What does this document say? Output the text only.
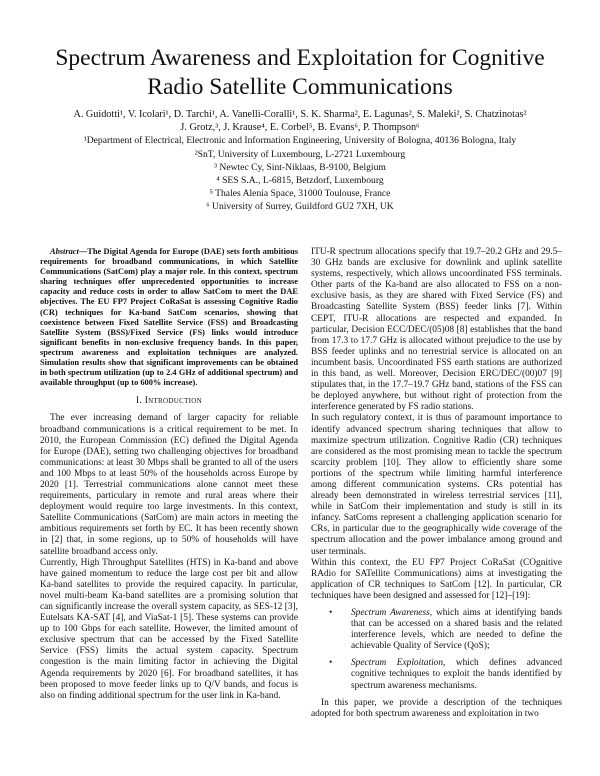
Spectrum Awareness and Exploitation for Cognitive Radio Satellite Communications
A. Guidotti¹, V. Icolari¹, D. Tarchi¹, A. Vanelli-Coralli¹, S. K. Sharma², E. Lagunas², S. Maleki², S. Chatzinotas²
J. Grotz,³, J. Krause⁴, E. Corbel⁵, B. Evans⁶, P. Thompson⁶
¹Department of Electrical, Electronic and Information Engineering, University of Bologna, 40136 Bologna, Italy
²SnT, University of Luxembourg, L-2721 Luxembourg
³ Newtec Cy, Sint-Niklaas, B-9100, Belgium
⁴ SES S.A., L-6815, Betzdorf, Luxembourg
⁵ Thales Alenia Space, 31000 Toulouse, France
⁶ University of Surrey, Guildford GU2 7XH, UK

Abstract—The Digital Agenda for Europe (DAE) sets forth ambitious requirements for broadband communications, in which Satellite Communications (SatCom) play a major role. In this context, spectrum sharing techniques offer unprecedented opportunities to increase capacity and reduce costs in order to allow SatCom to meet the DAE objectives. The EU FP7 Project CoRaSat is assessing Cognitive Radio (CR) techniques for Ka-band SatCom scenarios, showing that coexistence between Fixed Satellite Service (FSS) and Broadcasting Satellite System (BSS)/Fixed Service (FS) links would introduce significant benefits in non-exclusive frequency bands. In this paper, spectrum awareness and exploitation techniques are analyzed. Simulation results show that significant improvements can be obtained in both spectrum utilization (up to 2.4 GHz of additional spectrum) and available throughput (up to 600% increase).

I. Introduction

The ever increasing demand of larger capacity for reliable broadband communications is a critical requirement to be met. In 2010, the European Commission (EC) defined the Digital Agenda for Europe (DAE), setting two challenging objectives for broadband communications: at least 30 Mbps shall be granted to all of the users and 100 Mbps to at least 50% of the households across Europe by 2020 [1]. Terrestrial communications alone cannot meet these requirements, particulary in remote and rural areas where their deployment would require too large investments. In this context, Satellite Communications (SatCom) are main actors in meeting the ambitious requirements set forth by EC. It has been recently shown in [2] that, in some regions, up to 50% of households will have satellite broadband access only.

Currently, High Throughput Satellites (HTS) in Ka-band and above have gained momentum to reduce the large cost per bit and allow Ka-band satellites to provide the required capacity. In particular, novel multi-beam Ka-band satellites are a promising solution that can significantly increase the overall system capacity, as SES-12 [3], Eutelsats KA-SAT [4], and ViaSat-1 [5]. These systems can provide up to 100 Gbps for each satellite. However, the limited amount of exclusive spectrum that can be accessed by the Fixed Satellite Service (FSS) limits the actual system capacity. Spectrum congestion is the main limiting factor in achieving the Digital Agenda requirements by 2020 [6]. For broadband satellites, it has been proposed to move feeder links up to Q/V bands, and focus is also on finding additional spectrum for the user link in Ka-band.

ITU-R spectrum allocations specify that 19.7–20.2 GHz and 29.5–30 GHz bands are exclusive for downlink and uplink satellite systems, respectively, which allows uncoordinated FSS terminals. Other parts of the Ka-band are also allocated to FSS on a non-exclusive basis, as they are shared with Fixed Service (FS) and Broadcasting Satellite System (BSS) feeder links [7]. Within CEPT, ITU-R allocations are respected and expanded. In particular, Decision ECC/DEC/(05)08 [8] establishes that the band from 17.3 to 17.7 GHz is allocated without prejudice to the use by BSS feeder uplinks and no terrestrial service is allocated on an incumbent basis. Uncoordinated FSS earth stations are authorized in this band, as well. Moreover, Decision ERC/DEC/(00)07 [9] stipulates that, in the 17.7–19.7 GHz band, stations of the FSS can be deployed anywhere, but without right of protection from the interference generated by FS radio stations.

In such regulatory context, it is thus of paramount importance to identify advanced spectrum sharing techniques that allow to maximize spectrum utilization. Cognitive Radio (CR) techniques are considered as the most promising mean to tackle the spectrum scarcity problem [10]. They allow to efficiently share some portions of the spectrum while limiting harmful interference among different communication systems. CRs potential has already been demonstrated in wireless terrestrial services [11], while in SatCom their implementation and study is still in its infancy. SatComs represent a challenging application scenario for CRs, in particular due to the geographically wide coverage of the spectrum allocation and the power imbalance among ground and user terminals.

Within this context, the EU FP7 Project CoRaSat (COgnitive RAdio for SATellite Communications) aims at investigating the application of CR techniques to SatCom [12]. In particular, CR techniques have been designed and assessed for [12]–[19]:

• Spectrum Awareness, which aims at identifying bands that can be accessed on a shared basis and the related interference levels, which are needed to define the achievable Quality of Service (QoS);
• Spectrum Exploitation, which defines advanced cognitive techniques to exploit the bands identified by spectrum awareness mechanisms.

In this paper, we provide a description of the techniques adopted for both spectrum awareness and exploitation in two
